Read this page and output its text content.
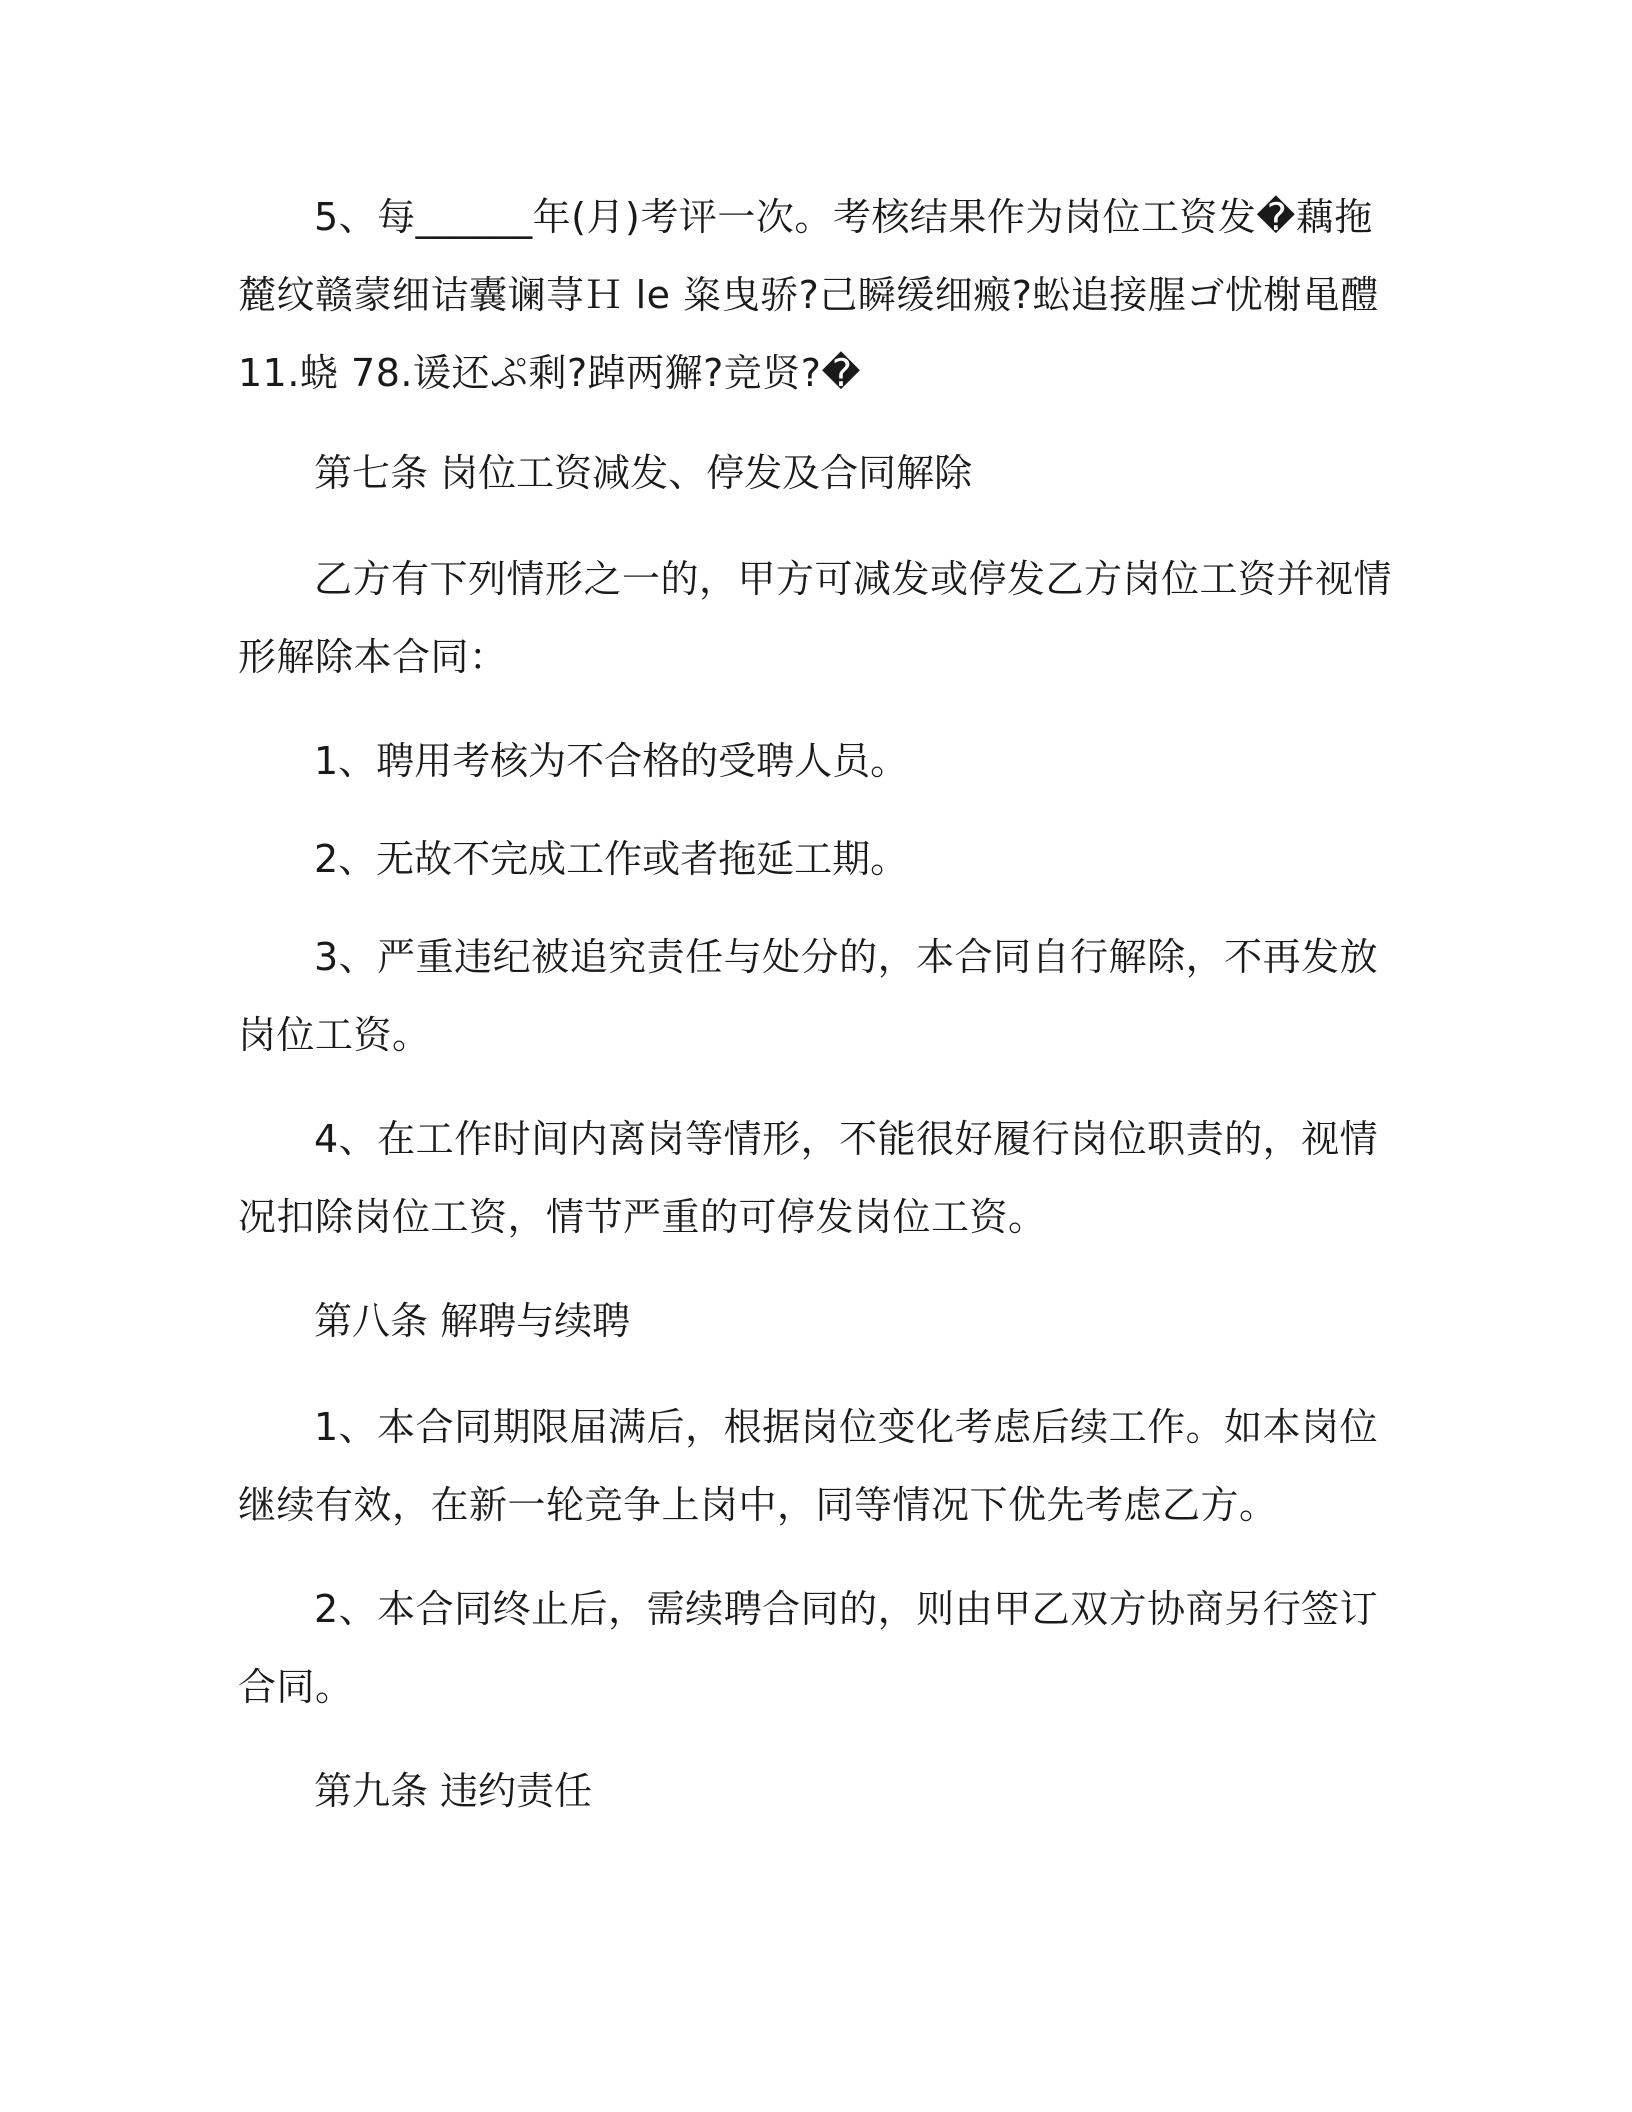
5、每______年(月)考评一次。考核结果作为岗位工资发�藕拖麓纹赣蒙细诘囊谰荨Ｈ le 粢曳骄?己瞬缓细瘢?蚣追接腥ゴ忧榭黾醴11.蛲 78.谖还ぷ剩?踔两獬?竞贤?�

第七条 岗位工资减发、停发及合同解除

乙方有下列情形之一的，甲方可减发或停发乙方岗位工资并视情形解除本合同：

1、聘用考核为不合格的受聘人员。

2、无故不完成工作或者拖延工期。

3、严重违纪被追究责任与处分的，本合同自行解除，不再发放岗位工资。

4、在工作时间内离岗等情形，不能很好履行岗位职责的，视情况扣除岗位工资，情节严重的可停发岗位工资。

第八条 解聘与续聘

1、本合同期限届满后，根据岗位变化考虑后续工作。如本岗位继续有效，在新一轮竞争上岗中，同等情况下优先考虑乙方。

2、本合同终止后，需续聘合同的，则由甲乙双方协商另行签订合同。

第九条 违约责任
